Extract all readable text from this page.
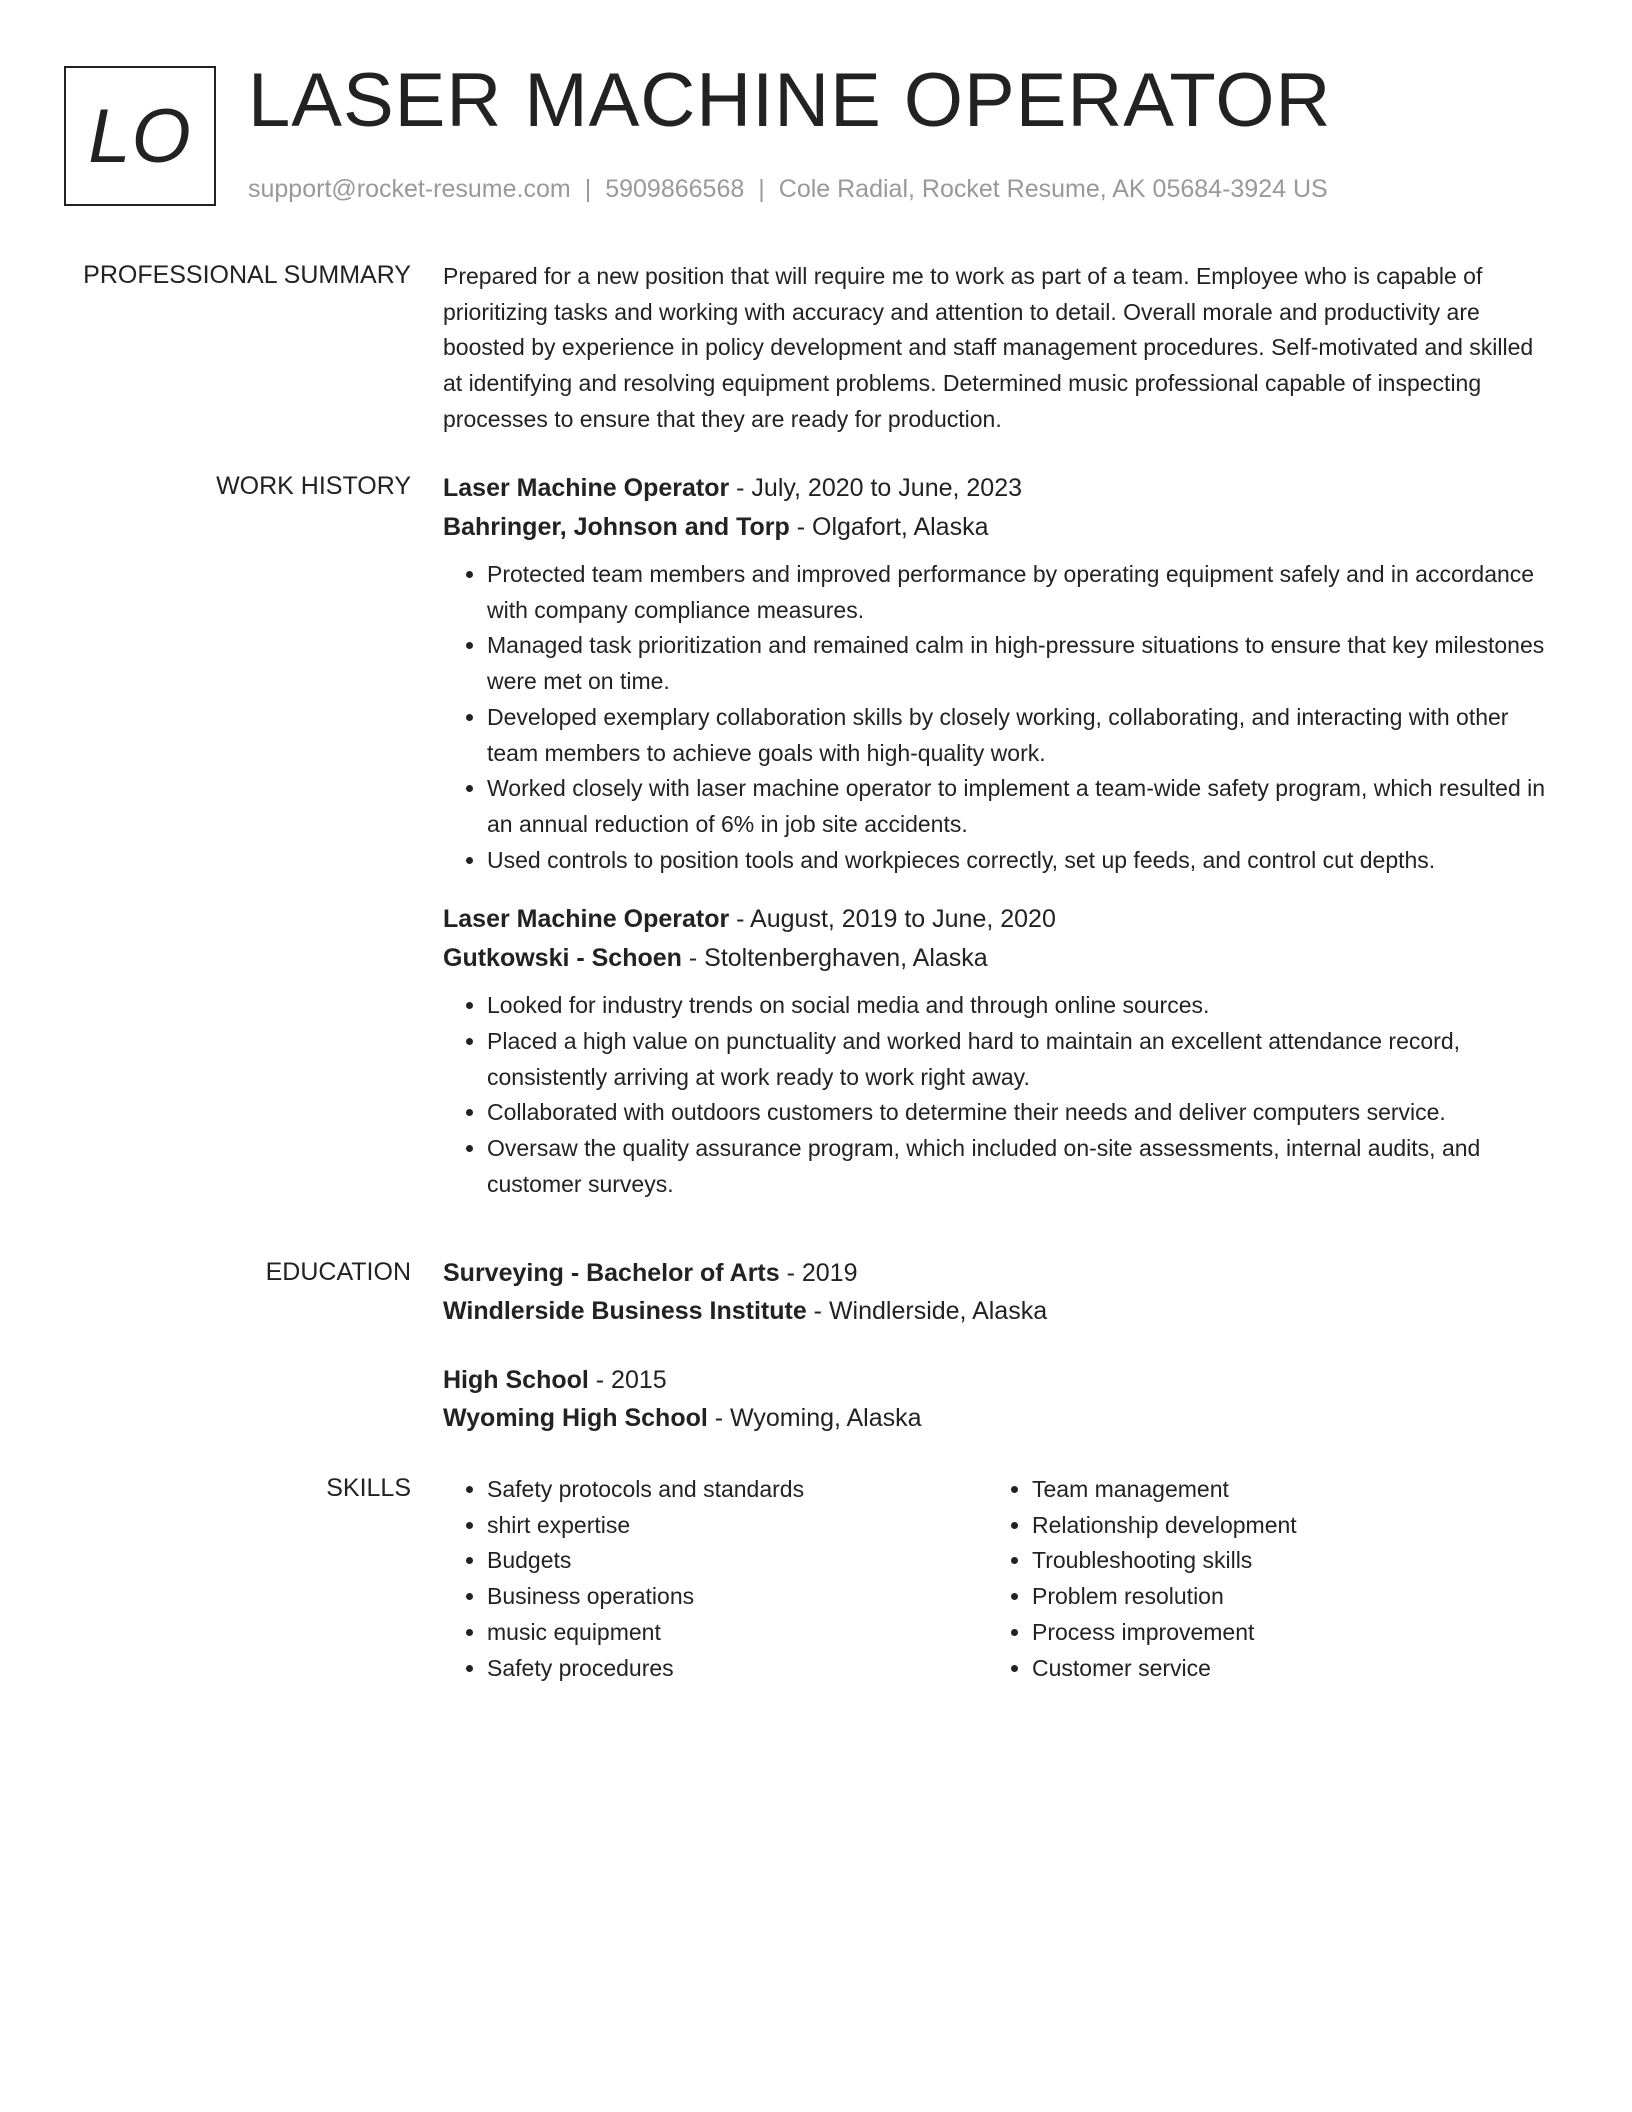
LO LASER MACHINE OPERATOR
support@rocket-resume.com | 5909866568 | Cole Radial, Rocket Resume, AK 05684-3924 US
PROFESSIONAL SUMMARY Prepared for a new position that will require me to work as part of a team. Employee who is capable of prioritizing tasks and working with accuracy and attention to detail. Overall morale and productivity are boosted by experience in policy development and staff management procedures. Self-motivated and skilled at identifying and resolving equipment problems. Determined music professional capable of inspecting processes to ensure that they are ready for production.

WORK HISTORY Laser Machine Operator - July, 2020 to June, 2023
Bahringer, Johnson and Torp - Olgafort, Alaska
• Protected team members and improved performance by operating equipment safely and in accordance with company compliance measures.
• Managed task prioritization and remained calm in high-pressure situations to ensure that key milestones were met on time.
• Developed exemplary collaboration skills by closely working, collaborating, and interacting with other team members to achieve goals with high-quality work.
• Worked closely with laser machine operator to implement a team-wide safety program, which resulted in an annual reduction of 6% in job site accidents.
• Used controls to position tools and workpieces correctly, set up feeds, and control cut depths.
Laser Machine Operator - August, 2019 to June, 2020
Gutkowski - Schoen - Stoltenberghaven, Alaska
• Looked for industry trends on social media and through online sources.
• Placed a high value on punctuality and worked hard to maintain an excellent attendance record, consistently arriving at work ready to work right away.
• Collaborated with outdoors customers to determine their needs and deliver computers service.
• Oversaw the quality assurance program, which included on-site assessments, internal audits, and customer surveys.
EDUCATION Surveying - Bachelor of Arts - 2019
Windlerside Business Institute - Windlerside, Alaska
High School - 2015
Wyoming High School - Wyoming, Alaska
SKILLS
•	Safety protocols and standards
• shirt expertise
• Budgets
• Business operations
• music equipment
• Safety procedures
• Team management
• Relationship development
• Troubleshooting skills
• Problem resolution
• Process improvement
• Customer service
